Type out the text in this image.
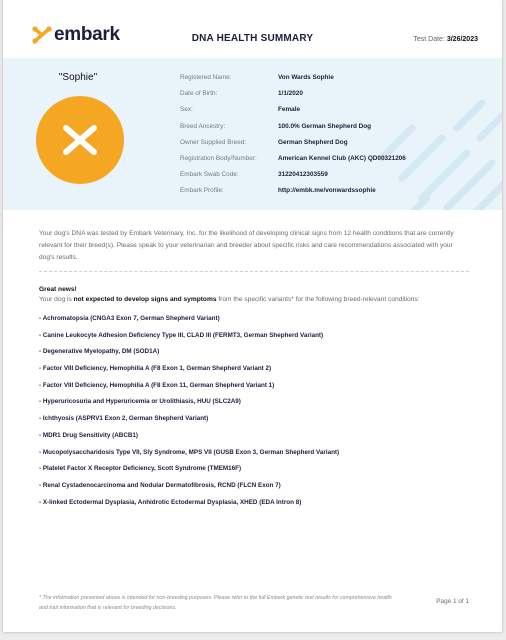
embark	DNA HEALTH SUMMARY	Test Date: 3/26/2023
"Sophie"	Registered Name:	Von Wards Sophie
Date of Birth:	1/1/2020
Sex:	Female
Breed Ancestry:	100.0% German Shepherd Dog
Owner Supplied Breed:	German Shepherd Dog
Registration Body/Number:	American Kennel Club (AKC) QD00321206
Embark Swab Code:	31220412303559
Embark Profile:	http://embk.me/vonwardssophie
Your dog's DNA was tested by Embark Veterinary, Inc. for the likelihood of developing clinical signs from 12 health conditions that are currently relevant for their breed(s). Please speak to your veterinarian and breeder about specific risks and care recommendations associated with your dog's results.
Great news!
Your dog is not expected to develop signs and symptoms from the specific variants* for the following breed-relevant conditions:
- Achromatopsia (CNGA3 Exon 7, German Shepherd Variant)
- Canine Leukocyte Adhesion Deficiency Type III, CLAD III (FERMT3, German Shepherd Variant)
- Degenerative Myelopathy, DM (SOD1A)
- Factor VIII Deficiency, Hemophilia A (F8 Exon 1, German Shepherd Variant 2)
- Factor VIII Deficiency, Hemophilia A (F8 Exon 11, German Shepherd Variant 1)
- Hyperuricosuria and Hyperuricemia or Urolithiasis, HUU (SLC2A9)
- Ichthyosis (ASPRV1 Exon 2, German Shepherd Variant)
- MDR1 Drug Sensitivity (ABCB1)
- Mucopolysaccharidosis Type VII, Sly Syndrome, MPS VII (GUSB Exon 3, German Shepherd Variant)
- Platelet Factor X Receptor Deficiency, Scott Syndrome (TMEM16F)
- Renal Cystadenocarcinoma and Nodular Dermatofibrosis, RCND (FLCN Exon 7)
- X-linked Ectodermal Dysplasia, Anhidrotic Ectodermal Dysplasia, XHED (EDA Intron 8)
* The information presented above is intended for non-breeding purposes. Please refer to the full Embark genetic test results for comprehensive health and trait information that is relevant for breeding decisions.
Page 1 of 1
